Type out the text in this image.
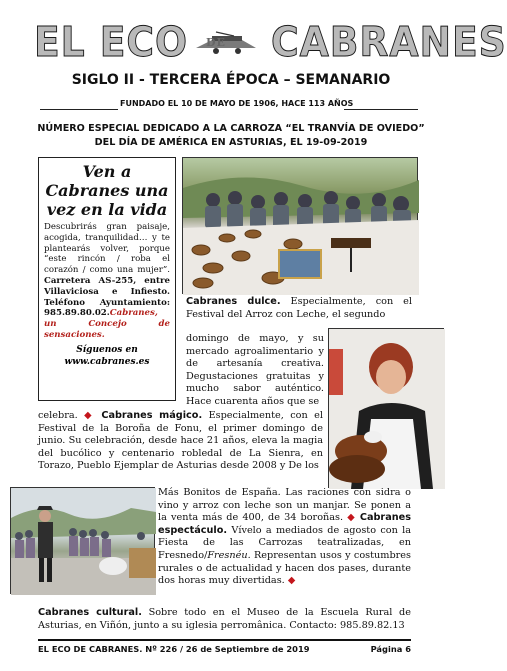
EL ECO DE CABRANES
SIGLO II - TERCERA ÉPOCA – SEMANARIO
FUNDADO EL 10 DE MAYO DE 1906, HACE 113 AÑOS
NÚMERO ESPECIAL DEDICADO A LA CARROZA “EL TRANVÍA DE OVIEDO”
DEL DÍA DE AMÉRICA EN ASTURIAS, EL 19-09-2019
Ven a Cabranes una vez en la vida
Descubrirás gran paisaje, acogida, tranquilidad… y te plantearás volver, porque “este rincón / roba el corazón / como una mujer”. Carretera AS-255, entre Villaviciosa e Infiesto. Teléfono Ayuntamiento: 985.89.80.02.Cabranes, un Concejo de sensaciones.
Síguenos en
www.cabranes.es
Cabranes dulce. Especialmente, con el Festival del Arroz con Leche, el segundo
domingo de mayo, y su mercado agroalimentario y de artesanía creativa. Degustaciones gratuitas y mucho sabor auténtico. Hace cuarenta años que se
celebra. ◆ Cabranes mágico. Especialmente, con el Festival de la Boroña de Fonu, el primer domingo de junio. Su celebración, desde hace 21 años, eleva la magia del bucólico y centenario robledal de La Sienra, en Torazo, Pueblo Ejemplar de Asturias desde 2008 y De los
Más Bonitos de España. Las raciones con sidra o vino y arroz con leche son un manjar. Se ponen a la venta más de 400, de 34 boroñas. ◆ Cabranes espectáculo. Vívelo a mediados de agosto con la Fiesta de las Carrozas teatralizadas, en Fresnedo/Fresnéu. Representan usos y costumbres rurales o de actualidad y hacen dos pases, durante dos horas muy divertidas. ◆
Cabranes cultural. Sobre todo en el Museo de la Escuela Rural de Asturias, en Viñón, junto a su iglesia perromânica. Contacto: 985.89.82.13
EL ECO DE CABRANES. Nº 226 / 26 de Septiembre de 2019	Página 6
